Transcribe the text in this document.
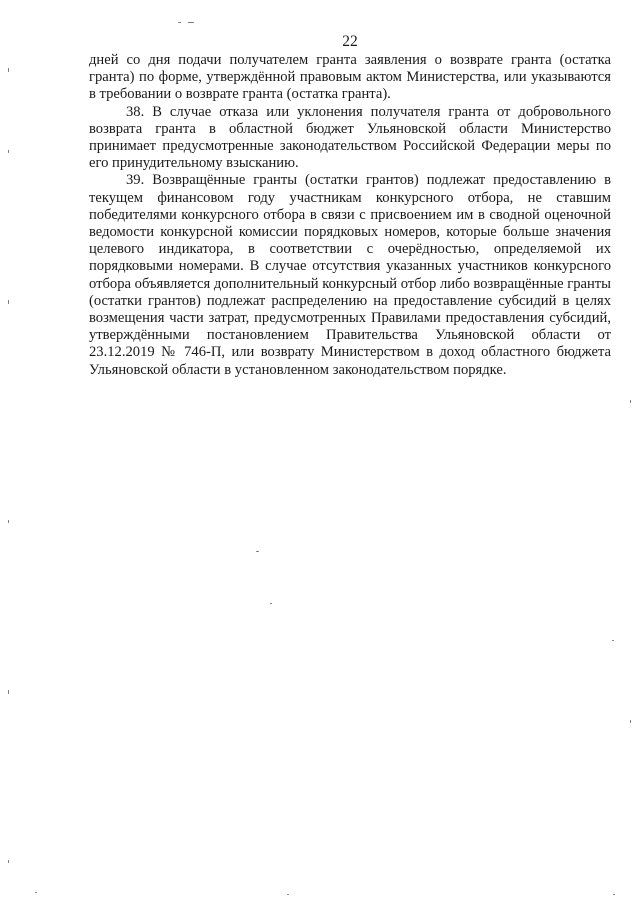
22

дней со дня подачи получателем гранта заявления о возврате гранта (остатка гранта) по форме, утверждённой правовым актом Министерства, или указываются в требовании о возврате гранта (остатка гранта).

38. В случае отказа или уклонения получателя гранта от добровольного возврата гранта в областной бюджет Ульяновской области Министерство принимает предусмотренные законодательством Российской Федерации меры по его принудительному взысканию.

39. Возвращённые гранты (остатки грантов) подлежат предоставлению в текущем финансовом году участникам конкурсного отбора, не ставшим победителями конкурсного отбора в связи с присвоением им в сводной оценочной ведомости конкурсной комиссии порядковых номеров, которые больше значения целевого индикатора, в соответствии с очерёдностью, определяемой их порядковыми номерами. В случае отсутствия указанных участников конкурсного отбора объявляется дополнительный конкурсный отбор либо возвращённые гранты (остатки грантов) подлежат распределению на предоставление субсидий в целях возмещения части затрат, предусмотренных Правилами предоставления субсидий, утверждёнными постановлением Правительства Ульяновской области от 23.12.2019 № 746-П, или возврату Министерством в доход областного бюджета Ульяновской области в установленном законодательством порядке.
